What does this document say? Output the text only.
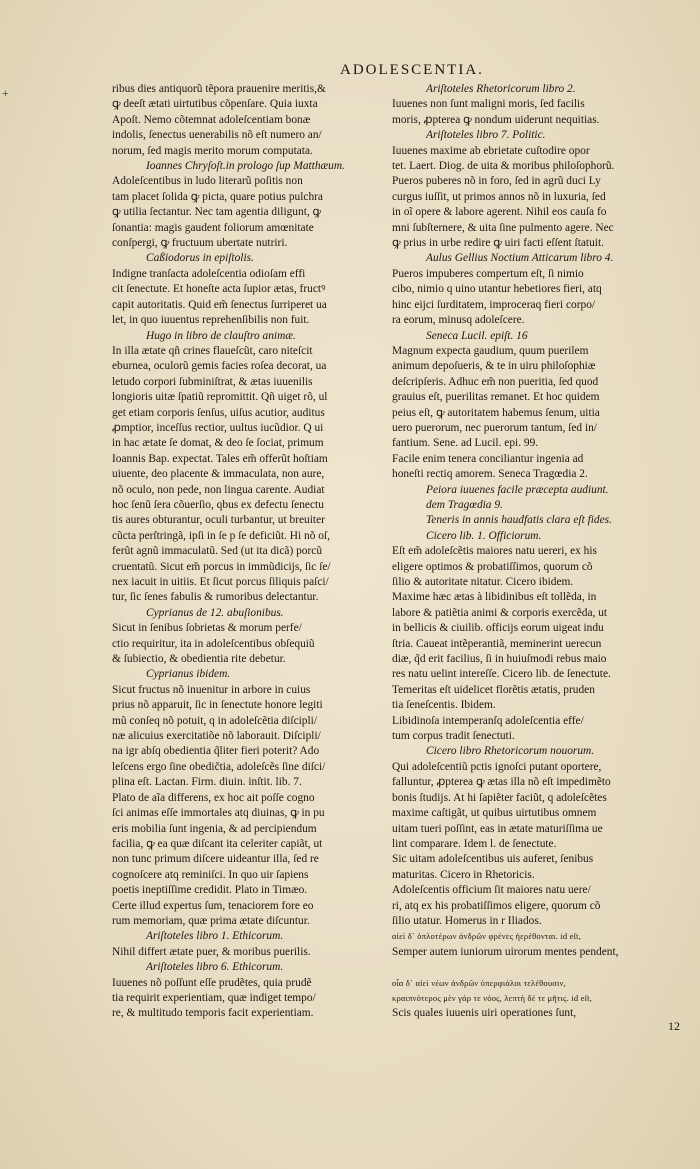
+
ADOLESCENTIA.
ribus dies antiquorũ tẽpora prauenire meritis,&
ꝙ deeſt ætati uirtutibus cõpenſare. Quia iuxta
Apoſt. Nemo cõtemnat adoleſcentiam bonæ
indolis, ſenectus uenerabilis nõ eſt numero an/
norum, ſed magis merito morum computata.
Ioannes Chryſoſt.in prologo ſup Matthæum.
Adoleſcentibus in ludo literarũ poſitis non
tam placet ſolida ꝙ picta, quare potius pulchra
ꝙ utilia ſectantur. Nec tam agentia diligunt, ꝙ
ſonantia: magis gaudent foliorum amœnitate
conſpergi, ꝙ fructuum ubertate nutriri.
Caßiodorus in epiſtolis.
Indigne tranſacta adoleſcentia odioſam effi
cit ſenectute. Et honeſte acta ſupior ætas, fructꝰ
capit autoritatis. Quid em̃ ſenectus ſurriperet ua
let, in quo iuuentus reprehenſibilis non fuit.
Hugo in libro de clauſtro animæ.
In illa ætate qñ crines flaueſcũt, caro niteſcit
eburnea, oculorũ gemis facies roſea decorat, ua
letudo corpori ſubminiſtrat, & ætas iuuenilis
longioris uitæ ſpatiũ repromittit. Qñ uiget rõ, ul
get etiam corporis ſenſus, uiſus acutior, auditus
ꝓmptior, inceſſus rectior, uultus iucũdior. Q ui
in hac ætate ſe domat, & deo ſe ſociat, primum
Ioannis Bap. expectat. Tales em̃ offerũt hoſtiam
uiuente, deo placente & immaculata, non aure,
nõ oculo, non pede, non lingua carente. Audiat
hoc ſenũ ſera cõuerſio, qbus ex defectu ſenectu
tis aures obturantur, oculi turbantur, ut breuiter
cũcta perſtringã, ipſi in ſe p ſe deficiũt. Hi nõ oſ,
ferũt agnũ immaculatũ. Sed (ut ita dicã) porcũ
cruentatũ. Sicut em̃ porcus in immũdicijs, ſic ſe/
nex iacuit in uitiis. Et ſicut porcus ſiliquis paſci/
tur, ſic ſenes fabulis & rumoribus delectantur.
Cyprianus de 12. abuſionibus.
Sicut in ſenibus ſobrietas & morum perfe/
ctio requiritur, ita in adoleſcentibus obſequiũ
& ſubiectio, & obedientia rite debetur.
Cyprianus ibidem.
Sicut fructus nõ inuenitur in arbore in cuius
prius nõ apparuit, ſic in ſenectute honore legiti
mũ conſeq nõ potuit, q in adoleſcẽtia diſcipli/
næ alicuius exercitatiõe nõ laborauit. Diſcipli/
na igr abſq obedientia q̃liter fieri poterit? Ado
leſcens ergo ſine obedičtia, adoleſcẽs ſine diſci/
plina eſt. Lactan. Firm. diuin. inſtit. lib. 7.
Plato de aĩa differens, ex hoc ait poſſe cogno
ſci animas eſſe immortales atq diuinas, ꝙ in pu
eris mobilia ſunt ingenia, & ad percipiendum
facilia, ꝙ ea quæ diſcant ita celeriter capiãt, ut
non tunc primum diſcere uideantur illa, ſed re
cognoſcere atq reminiſci. In quo uir ſapiens
poetis ineptiſſime credidit. Plato in Timæo.
Certe illud expertus ſum, tenaciorem fore eo
rum memoriam, quæ prima ætate diſcuntur.
Ariſtoteles libro 1. Ethicorum.
Nihil differt ætate puer, & moribus puerilis.
Ariſtoteles libro 6. Ethicorum.
Iuuenes nõ poſſunt eſſe prudẽtes, quia prudẽ
tia requirit experientiam, quæ indiget tempo/
re, & multitudo temporis facit experientiam.
Ariſtoteles Rhetoricorum libro 2.
Iuuenes non ſunt maligni moris, ſed facilis
moris, ꝓpterea ꝙ nondum uiderunt nequitias.
Ariſtoteles libro 7. Politic.
Iuuenes maxime ab ebrietate cuſtodire opor
tet. Laert. Diog. de uita & moribus philoſophorũ.
Pueros puberes nõ in foro, ſed in agrũ duci Ly
curgus iuſſit, ut primos annos nõ in luxuria, ſed
in oĩ opere & labore agerent. Nihil eos cauſa fo
mni ſubſternere, & uita ſine pulmento agere. Nec
ꝙ prius in urbe redire ꝙ uiri facti eſſent ſtatuit.
Aulus Gellius Noctium Atticarum libro 4.
Pueros impuberes compertum eſt, ſi nimio
cibo, nimio q uino utantur hebetiores fieri, atq
hinc eijci ſurditatem, improceraq fieri corpo/
ra eorum, minusq adoleſcere.
Seneca Lucil. epiſt. 16
Magnum expecta gaudium, quum puerilem
animum depoſueris, & te in uiru philoſophiæ
deſcripſeris. Adhuc em̃ non pueritia, ſed quod
grauius eſt, puerilitas remanet. Et hoc quidem
peius eſt, ꝙ autoritatem habemus ſenum, uitia
uero puerorum, nec puerorum tantum, ſed in/
fantium. Sene. ad Lucil. epi. 99.
Facile enim tenera conciliantur ingenia ad
honeſti rectiq amorem. Seneca Tragœdia 2.
Peiora iuuenes facile præcepta audiunt.
dem Tragœdia 9.
Teneris in annis haudfatis clara eſt fides.
Cicero lib. 1. Officiorum.
Eſt em̃ adoleſcẽtis maiores natu uereri, ex his
eligere optimos & probatiſſimos, quorum cõ
ſilio & autoritate nitatur. Cicero ibidem.
Maxime hæc ætas à libidinibus eſt tollẽda, in
labore & patiẽtia animi & corporis exercẽda, ut
in bellicis & ciuilib. officijs eorum uigeat indu
ſtria. Caueat intẽperantiã, meminerint uerecun
diæ, q̃d erit facilius, ſi in huiuſmodi rebus maio
res natu uelint intereſſe. Cicero lib. de ſenectute.
Temeritas eſt uidelicet florẽtis ætatis, pruden
tia ſeneſcentis. Ibidem.
Libidinoſa intemperanſq adoleſcentia effe/
tum corpus tradit ſenectuti.
Cicero libro Rhetoricorum nouorum.
Qui adoleſcentiũ pctis ignoſci putant oportere,
falluntur, ꝓpterea ꝙ ætas illa nõ eſt impedimẽto
bonis ſtudijs. At hi ſapiẽter faciũt, q adoleſcẽtes
maxime caſtigãt, ut quibus uirtutibus omnem
uitam tueri poſſint, eas in ætate maturiſſima ue
lint comparare. Idem l. de ſenectute.
Sic uitam adoleſcentibus uis auferet, ſenibus
maturitas. Cicero in Rhetoricis.
Adoleſcentis officium ſit maiores natu uere/
ri, atq ex his probatiſſimos eligere, quorum cõ
ſilio utatur. Homerus in r Iliados.
αἰεὶ δ᾽ ὁπλοτέρων ἀνδρῶν φρένες ἠερέθονται. id eſt,
Semper autem iuniorum uirorum mentes pendent,

οἷα δ᾽ αἰεὶ νέων ἀνδρῶν ὑπερφιάλοι τελέθουσιν,
κραιπνότερος μὲν γάρ τε νόος, λεπτὴ δέ τε μῆτις. id eſt,
Scis quales iuuenis uiri operationes ſunt,
12
